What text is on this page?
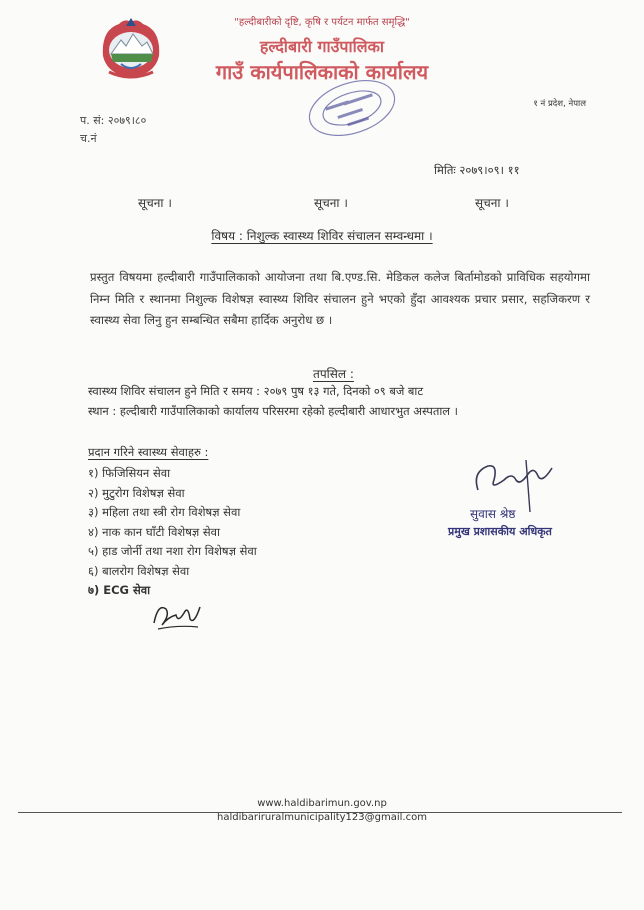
"हल्दीबारीको दृष्टि, कृषि र पर्यटन मार्फत समृद्धि"
हल्दीबारी गाउँपालिका
गाउँ कार्यपालिकाको कार्यालय
१ नं प्रदेश, नेपाल
प. सं: २०७९।८०
च.नं
मितिः २०७९।०९। ११
सूचना ।	सूचना ।	सूचना ।
विषय : निशुल्क स्वास्थ्य शिविर संचालन सम्वन्धमा ।
प्रस्तुत विषयमा हल्दीबारी गाउँपालिकाको आयोजना तथा बि.एण्ड.सि. मेडिकल कलेज बिर्तामोडको प्राविधिक सहयोगमा निम्न मिति र स्थानमा निशुल्क विशेषज्ञ स्वास्थ्य शिविर संचालन हुने भएको हुँदा आवश्यक प्रचार प्रसार, सहजिकरण र स्वास्थ्य सेवा लिनु हुन सम्बन्धित सबैमा हार्दिक अनुरोध छ ।
तपसिल :
स्वास्थ्य शिविर संचालन हुने मिति र समय : २०७९ पुष १३ गते, दिनको ०९ बजे बाट
स्थान : हल्दीबारी गाउँपालिकाको कार्यालय परिसरमा रहेको हल्दीबारी आधारभुत अस्पताल ।
प्रदान गरिने स्वास्थ्य सेवाहरु :
१) फिजिसियन सेवा
२) मुटुरोग विशेषज्ञ सेवा
३) महिला तथा स्त्री रोग विशेषज्ञ सेवा
४) नाक कान घाँटी विशेषज्ञ सेवा
५) हाड जोर्नी तथा नशा रोग विशेषज्ञ सेवा
६) बालरोग विशेषज्ञ सेवा
७) ECG सेवा
सुवास श्रेष्ठ
प्रमुख प्रशासकीय अधिकृत
www.haldibarimun.gov.np
haldibariruralmunicipality123@gmail.com
